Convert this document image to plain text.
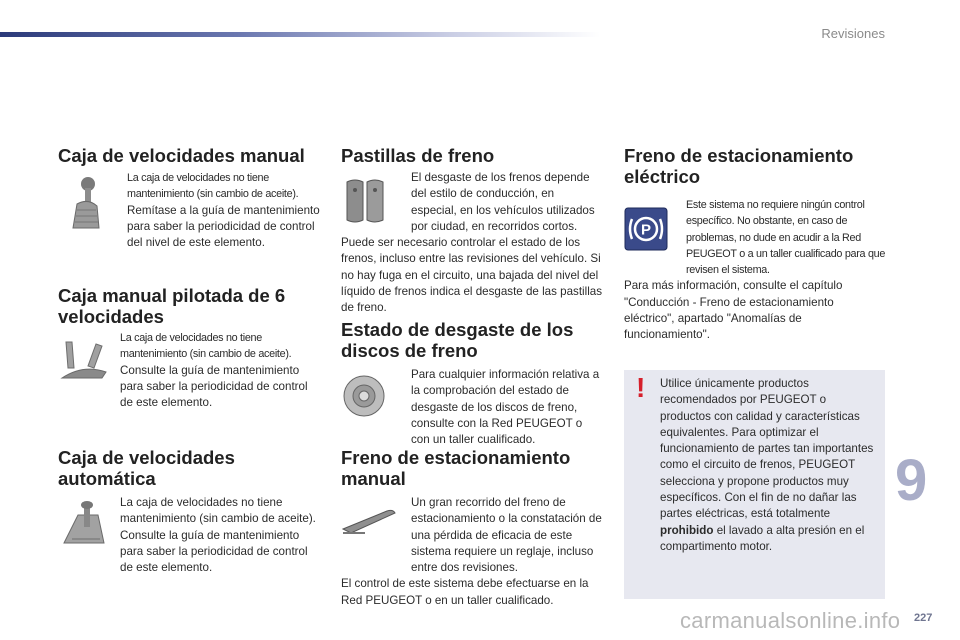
Revisiones
Caja de velocidades manual

La caja de velocidades no tiene mantenimiento (sin cambio de aceite).

Remítase a la guía de mantenimiento para saber la periodicidad de control del nivel de este elemento.

Caja manual pilotada de 6 velocidades

La caja de velocidades no tiene mantenimiento (sin cambio de aceite).

Consulte la guía de mantenimiento para saber la periodicidad de control de este elemento.

Caja de velocidades automática

La caja de velocidades no tiene mantenimiento (sin cambio de aceite). Consulte la guía de mantenimiento para saber la periodicidad de control de este elemento.

Pastillas de freno

El desgaste de los frenos depende del estilo de conducción, en especial, en los vehículos utilizados por ciudad, en recorridos cortos.

Puede ser necesario controlar el estado de los frenos, incluso entre las revisiones del vehículo. Si no hay fuga en el circuito, una bajada del nivel del líquido de frenos indica el desgaste de las pastillas de freno.

Estado de desgaste de los discos de freno

Para cualquier información relativa a la comprobación del estado de desgaste de los discos de freno, consulte con la Red PEUGEOT o con un taller cualificado.

Freno de estacionamiento manual

Un gran recorrido del freno de estacionamiento o la constatación de una pérdida de eficacia de este sistema requiere un reglaje, incluso entre dos revisiones.

El control de este sistema debe efectuarse en la Red PEUGEOT o en un taller cualificado.

Freno de estacionamiento eléctrico
P

Este sistema no requiere ningún control específico. No obstante, en caso de problemas, no dude en acudir a la Red PEUGEOT o a un taller cualificado para que revisen el sistema.

Para más información, consulte el capítulo "Conducción - Freno de estacionamiento eléctrico", apartado "Anomalías de funcionamiento".

! Utilice únicamente productos recomendados por PEUGEOT o productos con calidad y características equivalentes. Para optimizar el funcionamiento de partes tan importantes como el circuito de frenos, PEUGEOT selecciona y propone productos muy específicos. Con el fin de no dañar las partes eléctricas, está totalmente prohibido el lavado a alta presión en el compartimento motor.

9
227
carmanualsonline.info
